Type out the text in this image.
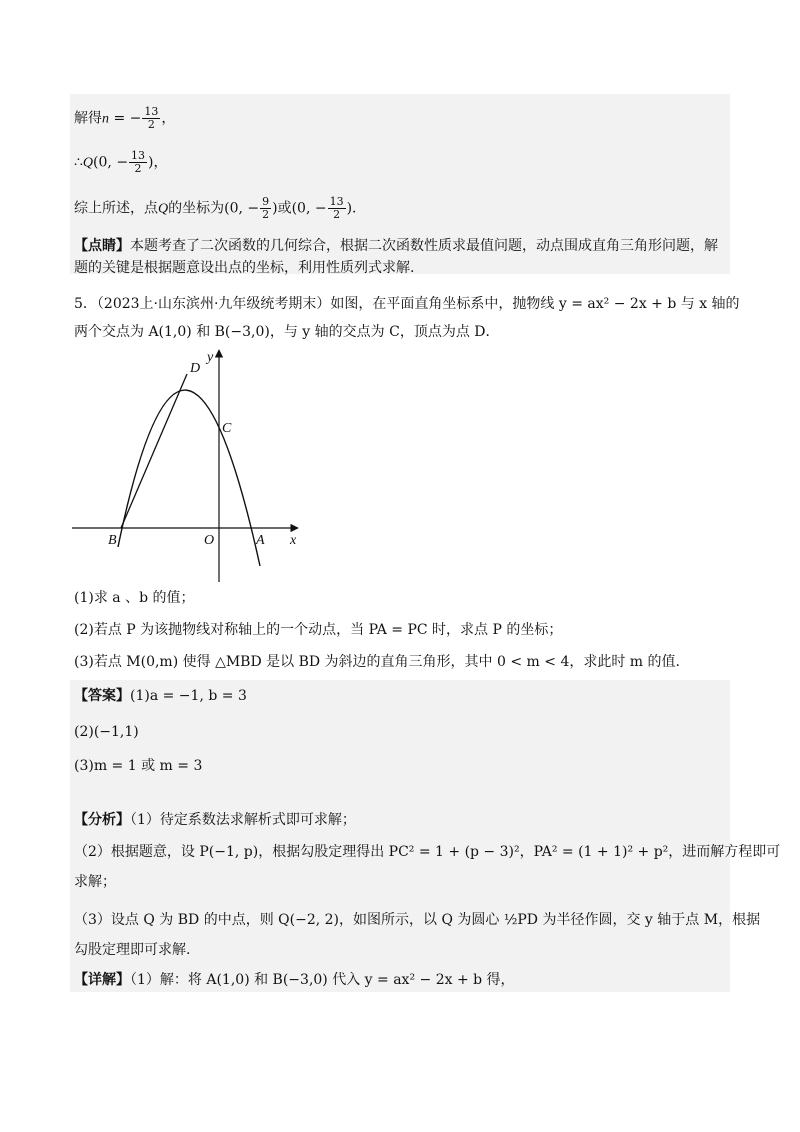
解得n = − $\frac{13}{2}$ ，
∴Q(0, − $\frac{13}{2}$ )，
综上所述，点Q的坐标为(0, − $\frac{9}{2}$ )或(0, − $\frac{13}{2}$ )．
【点睛】本题考查了二次函数的几何综合，根据二次函数性质求最值问题，动点围成直角三角形问题，解
题的关键是根据题意设出点的坐标，利用性质列式求解.
5．（2023上·山东滨州·九年级统考期末）如图，在平面直角坐标系中，抛物线 y = ax² − 2x + b 与 x 轴的
两个交点为 A(1,0) 和 B(−3,0)，与 y 轴的交点为 C，顶点为点 D．
y
x
O	A
B
C
D
(1)求 a 、b 的值；
(2)若点 P 为该抛物线对称轴上的一个动点，当 PA = PC 时，求点 P 的坐标；
(3)若点 M(0,m) 使得 △MBD 是以 BD 为斜边的直角三角形，其中 0 < m < 4，求此时 m 的值.
【答案】(1)a = −1, b = 3
(2)(−1,1)
(3)m = 1 或 m = 3
【分析】（1）待定系数法求解析式即可求解；
（2）根据题意，设 P(−1, p)，根据勾股定理得出 PC² = 1 + (p − 3)²，PA² = (1 + 1)² + p²，进而解方程即可
求解；
（3）设点 Q 为 BD 的中点，则 Q(−2, 2)，如图所示，以 Q 为圆心 ½PD 为半径作圆，交 y 轴于点 M，根据
勾股定理即可求解.
【详解】（1）解：将 A(1,0) 和 B(−3,0) 代入 y = ax² − 2x + b 得，
